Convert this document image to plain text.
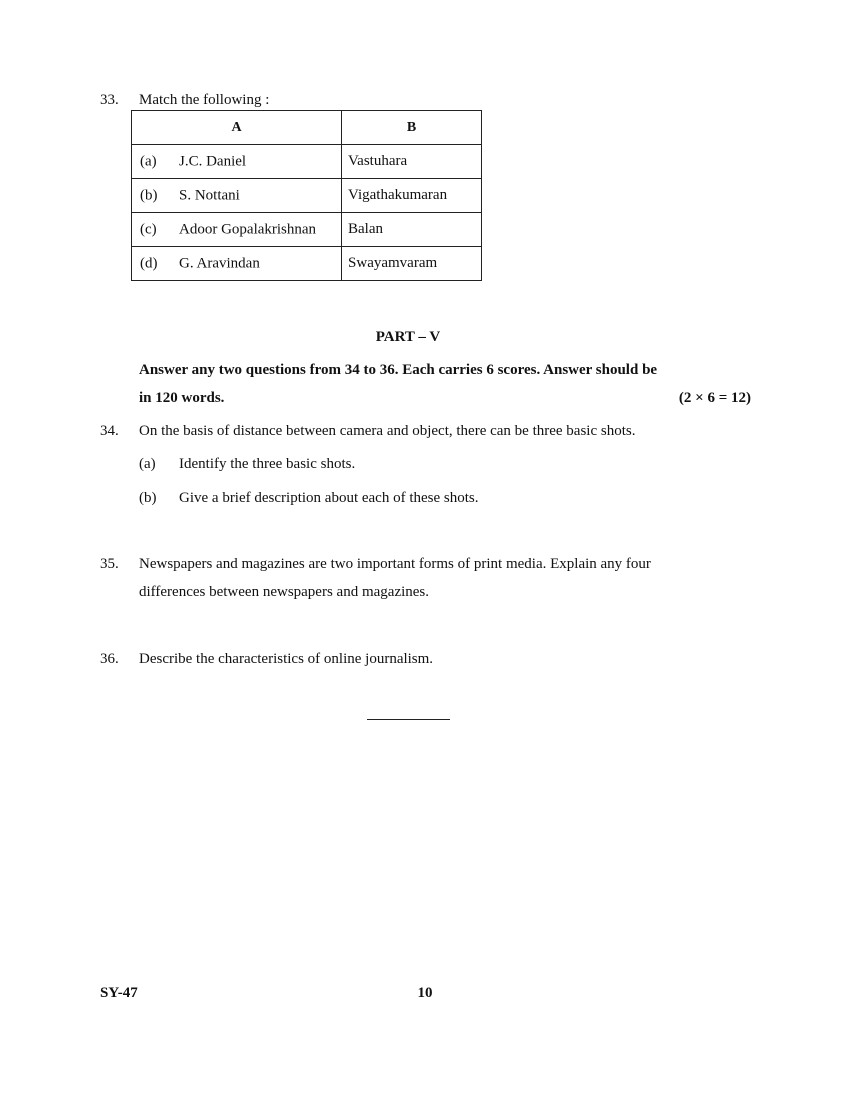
33. Match the following :
A	B

(a) J.C. Daniel	Vastuhara

(b) S. Nottani	Vigathakumaran

(c) Adoor Gopalakrishnan	Balan

(d) G. Aravindan	Swayamvaram
PART – V
Answer any two questions from 34 to 36. Each carries 6 scores. Answer should be
in 120 words.	(2 × 6 = 12)
34. On the basis of distance between camera and object, there can be three basic shots.
(a) Identify the three basic shots.
(b) Give a brief description about each of these shots.
35. Newspapers and magazines are two important forms of print media. Explain any four
differences between newspapers and magazines.
36. Describe the characteristics of online journalism.
SY-47	10
